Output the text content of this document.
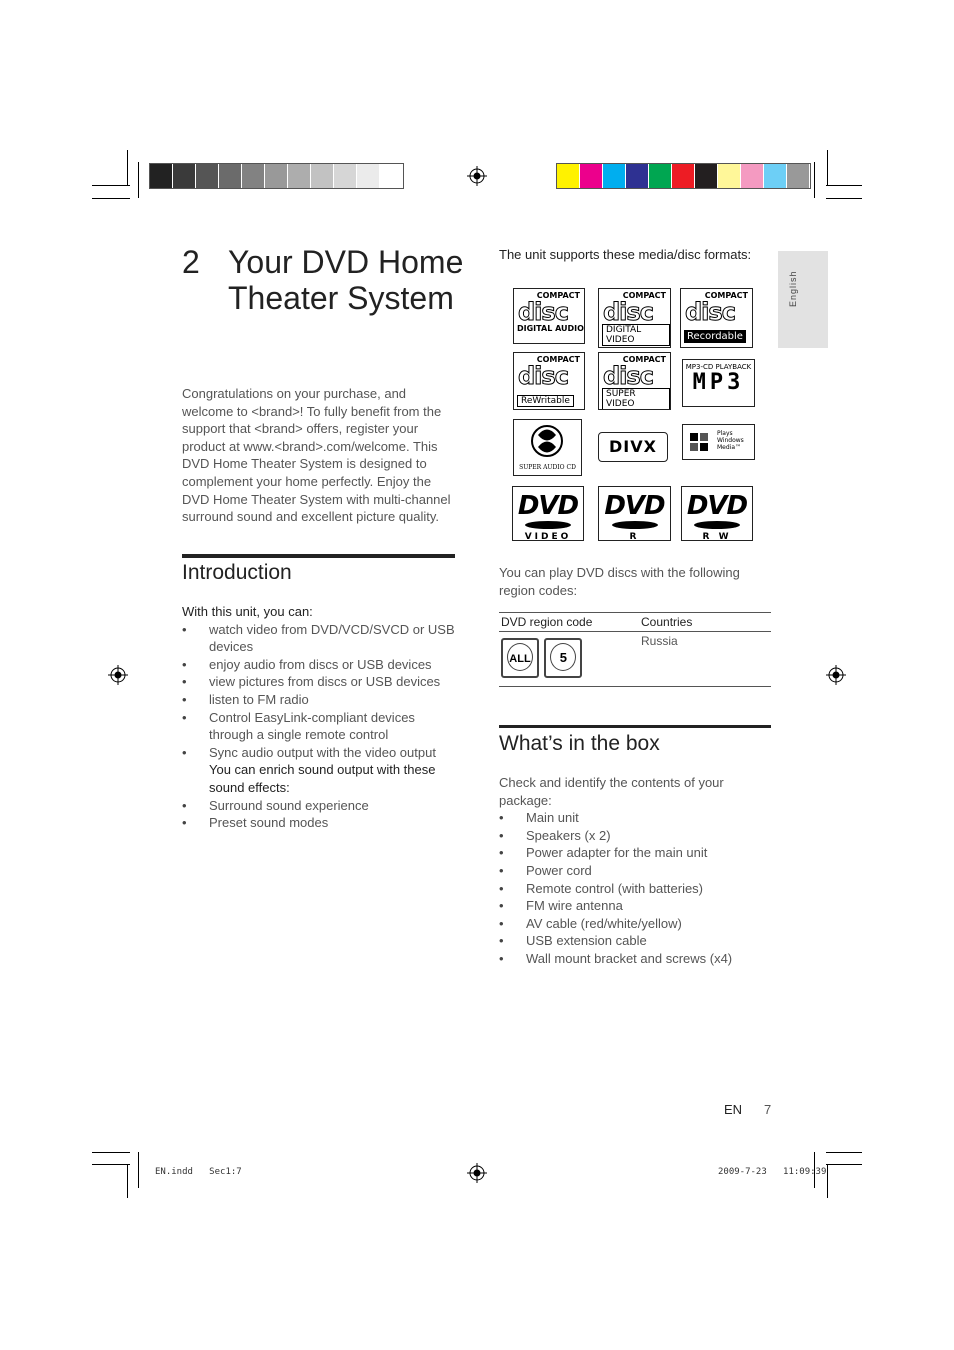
English
2 Your DVD Home Theater System
Congratulations on your purchase, and welcome to <brand>! To fully benefit from the support that <brand> offers, register your product at www.<brand>.com/welcome. This DVD Home Theater System is designed to complement your home perfectly. Enjoy the DVD Home Theater System with multi-channel surround sound and excellent picture quality.
Introduction
With this unit, you can:
• watch video from DVD/VCD/SVCD or USB devices
• enjoy audio from discs or USB devices
• view pictures from discs or USB devices
• listen to FM radio
• Control EasyLink-compliant devices through a single remote control
• Sync audio output with the video output
You can enrich sound output with these sound effects:
• Surround sound experience
• Preset sound modes
The unit supports these media/disc formats:
COMPACT
disc
DIGITAL AUDIO
COMPACT
disc
DIGITAL VIDEO
COMPACT
disc
Recordable
COMPACT
disc
ReWritable
COMPACT
disc
SUPER VIDEO
MP3-CD PLAYBACK
MP3
SUPER AUDIO CD
DIVX
Plays
Windows
Media™
DVD
VIDEO
DVD
R
DVD
R W
You can play DVD discs with the following region codes:
DVD region code	Countries
ALL 5	Russia
What’s in the box
Check and identify the contents of your package:
• Main unit
• Speakers (x 2)
• Power adapter for the main unit
• Power cord
• Remote control (with batteries)
• FM wire antenna
• AV cable (red/white/yellow)
• USB extension cable
• Wall mount bracket and screws (x4)
EN 7
EN.indd   Sec1:7	2009-7-23   11:09:39
